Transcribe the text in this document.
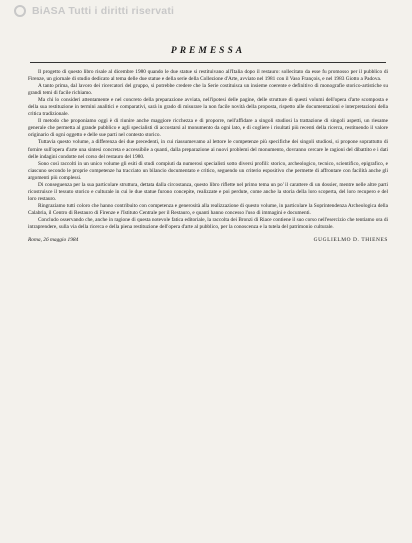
BiASA Tutti i diritti riservati
PREMESSA

Il progetto di questo libro risale al dicembre 1980 quando le due statue si restituivano all'Italia dopo il restauro: sollecitato da esse fu promosso per il pubblico di Firenze, un giornale di studio dedicato al tema delle due statue e della serie della Collezione d'Arte, avviato nel 1981 con il Vaso François, e nel 1983 Giotto a Padova.

A tanto prima, dal lavoro dei ricercatori del gruppo, si potrebbe credere che la Serie costituisca un insieme coerente e definitivo di monografie storico-artistiche su grandi temi di facile richiamo.

Ma chi lo consideri attentamente e nel concreto della preparazione avviata, nell'ipotesi delle pagine, delle strutture di questi volumi dell'opera d'arte scomposta e della sua restituzione in termini analitici e comparativi, sarà in grado di misurare la non facile novità della proposta, rispetto alle documentazioni e interpretazioni della critica tradizionale.

Il metodo che proponiamo oggi è di riunire anche maggiore ricchezza e di proporre, nell'affidare a singoli studiosi la trattazione di singoli aspetti, un riesame generale che permetta al grande pubblico e agli specialisti di accostarsi al monumento da ogni lato, e di cogliere i risultati più recenti della ricerca, restituendo il valore originario di ogni oggetto e delle sue parti nel contesto storico.

Tuttavia questo volume, a differenza dei due precedenti, in cui riassumevamo al lettore le competenze più specifiche dei singoli studiosi, si propone soprattutto di fornire sull'opera d'arte una sintesi concreta e accessibile a quanti, dalla preparazione ai nuovi problemi del monumento, dovranno cercare le ragioni del dibattito e i dati delle indagini condotte nel corso del restauro del 1980.

Sono così raccolti in un unico volume gli esiti di studi compiuti da numerosi specialisti sotto diversi profili: storico, archeologico, tecnico, scientifico, epigrafico, e ciascuno secondo le proprie competenze ha tracciato un bilancio documentato e critico, seguendo un criterio espositivo che permette di affrontare con facilità anche gli argomenti più complessi.

Di conseguenza per la sua particolare struttura, dettata dalla circostanza, questo libro riflette nel primo tema un po' il carattere di un dossier, mentre nelle altre parti ricostruisce il tessuto storico e culturale in cui le due statue furono concepite, realizzate e poi perdute, come anche la storia della loro scoperta, del loro recupero e del loro restauro.

Ringraziamo tutti coloro che hanno contribuito con competenza e generosità alla realizzazione di questo volume, in particolare la Soprintendenza Archeologica della Calabria, il Centro di Restauro di Firenze e l'Istituto Centrale per il Restauro, e quanti hanno concesso l'uso di immagini e documenti.

Concludo osservando che, anche in ragione di questa notevole fatica editoriale, la raccolta dei Bronzi di Riace contiene il suo corso nell'esercizio che tentiamo ora di intraprendere, sulla via della ricerca e della piena restituzione dell'opera d'arte al pubblico, per la conoscenza e la tutela del patrimonio culturale.

Roma, 26 maggio 1984	GUGLIELMO D. THIENES
